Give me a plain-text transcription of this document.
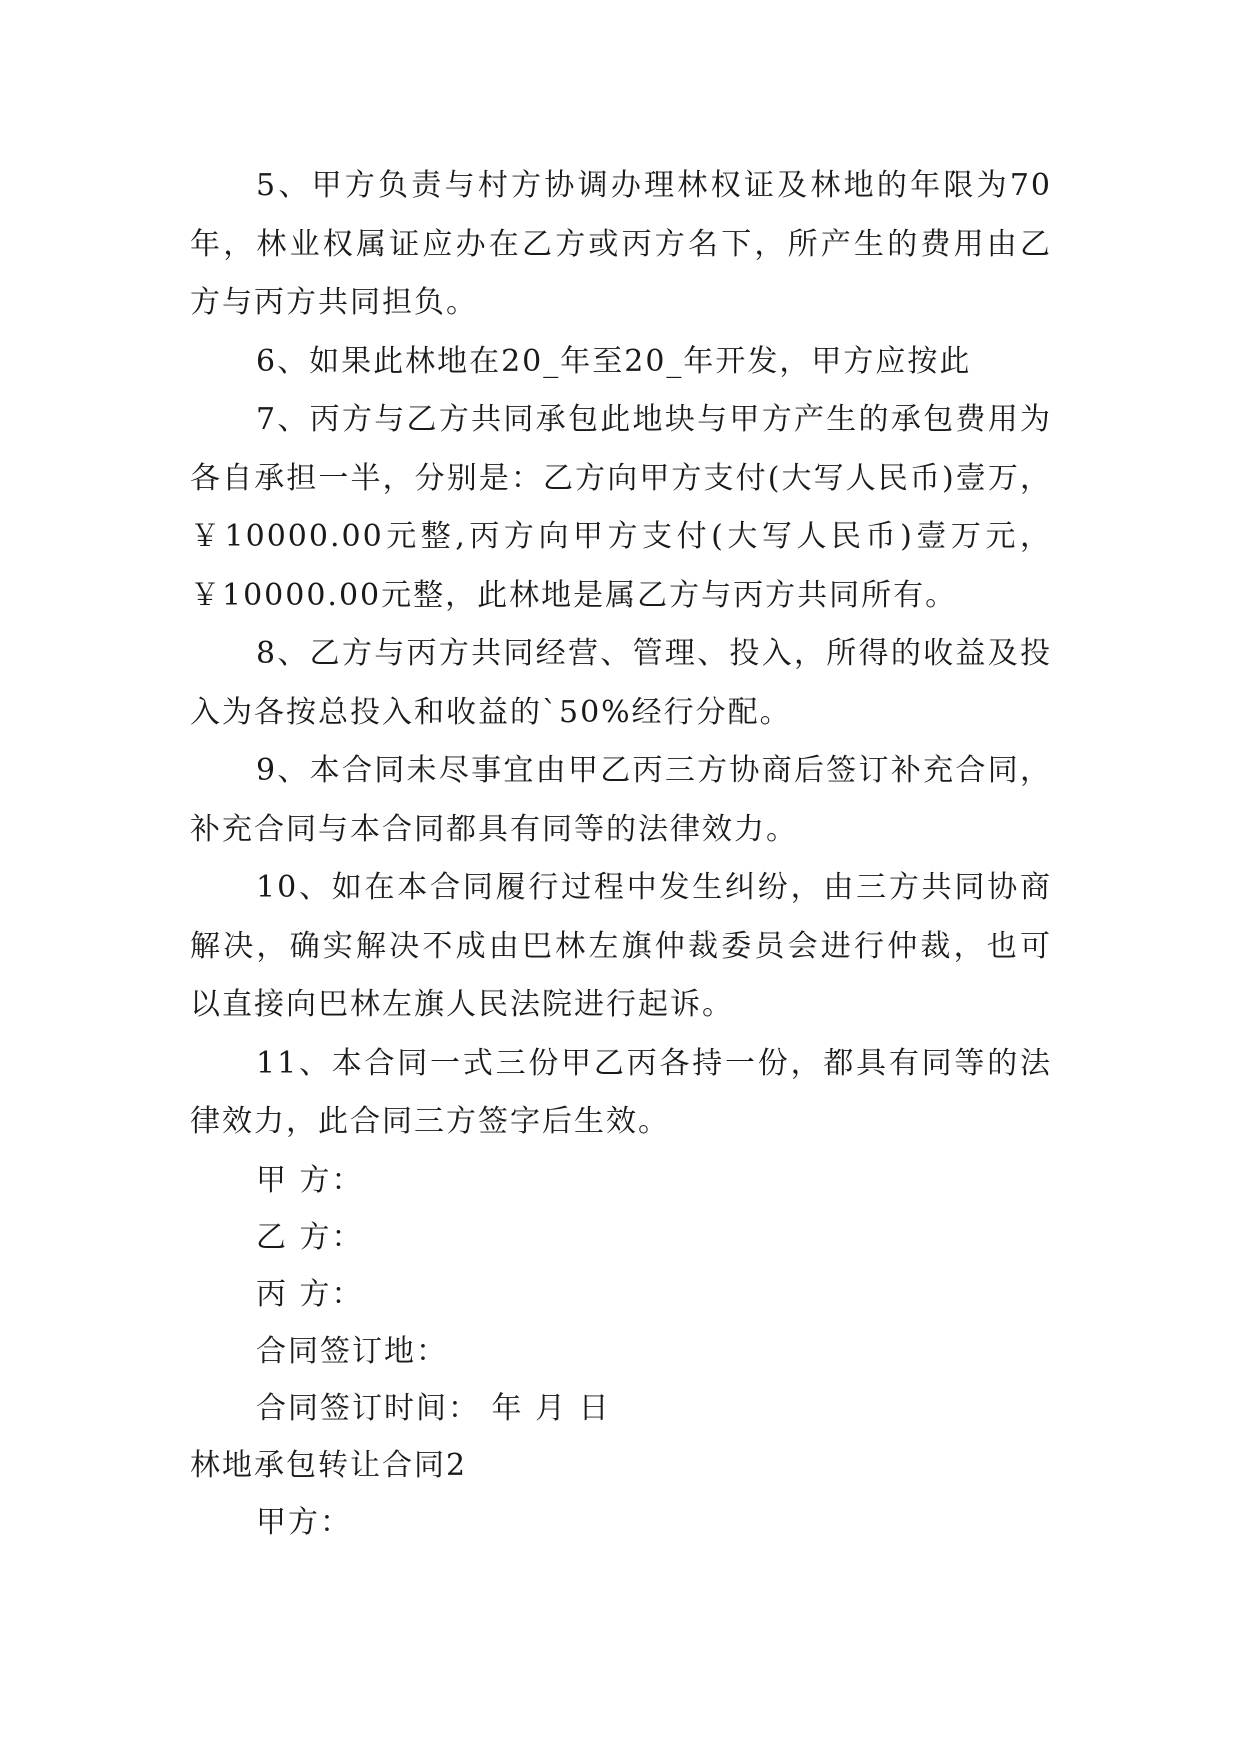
5、甲方负责与村方协调办理林权证及林地的年限为70年，林业权属证应办在乙方或丙方名下，所产生的费用由乙方与丙方共同担负。

6、如果此林地在20_年至20_年开发，甲方应按此

7、丙方与乙方共同承包此地块与甲方产生的承包费用为各自承担一半，分别是：乙方向甲方支付(大写人民币)壹万，￥10000.00元整,丙方向甲方支付(大写人民币)壹万元，￥10000.00元整，此林地是属乙方与丙方共同所有。

8、乙方与丙方共同经营、管理、投入，所得的收益及投入为各按总投入和收益的`50%经行分配。

9、本合同未尽事宜由甲乙丙三方协商后签订补充合同，补充合同与本合同都具有同等的法律效力。

10、如在本合同履行过程中发生纠纷，由三方共同协商解决，确实解决不成由巴林左旗仲裁委员会进行仲裁，也可以直接向巴林左旗人民法院进行起诉。

11、本合同一式三份甲乙丙各持一份，都具有同等的法律效力，此合同三方签字后生效。

甲 方：

乙 方：

丙 方：

合同签订地：

合同签订时间： 年 月 日

林地承包转让合同2

甲方：
